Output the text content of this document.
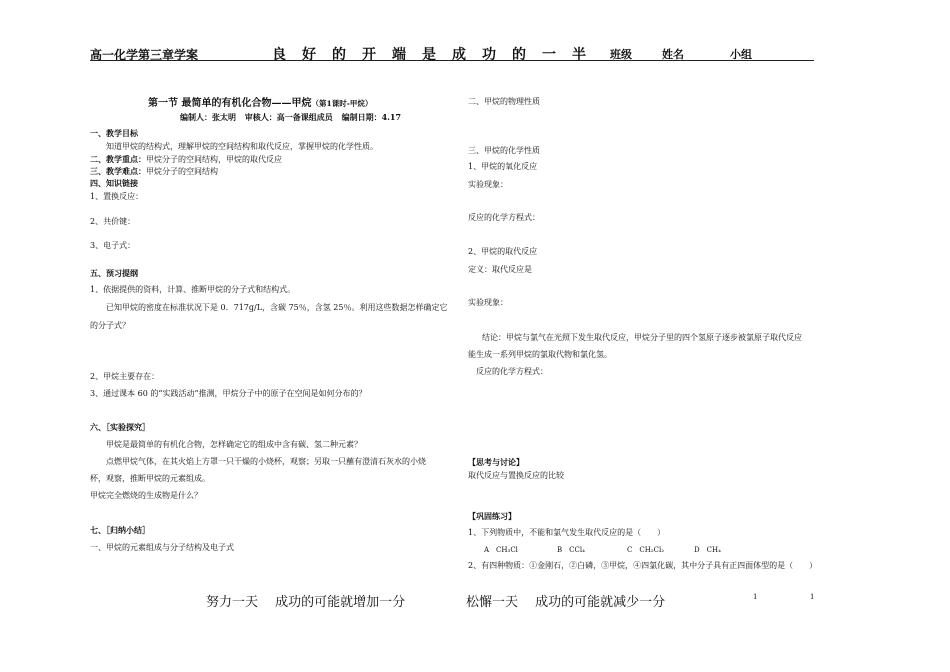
高一化学第三章学案	良好的开端是成功的一半 班级	姓名	小组
第一节 最简单的有机化合物——甲烷（第1课时-甲烷）
编制人：张太明 审核人：高一备课组成员 编制日期：4.17
一、教学目标
知道甲烷的结构式，理解甲烷的空间结构和取代反应，掌握甲烷的化学性质。
二、教学重点：甲烷分子的空间结构，甲烷的取代反应
三、教学难点：甲烷分子的空间结构
四、知识链接
1、置换反应：
2、共价键：
3、电子式：
五、预习提纲
1、依据提供的资料，计算、推断甲烷的分子式和结构式。
已知甲烷的密度在标准状况下是 0．717g/L，含碳 75％，含氢 25％。利用这些数据怎样确定它
的分子式？
2、甲烷主要存在：
3、通过课本 60 的“实践活动”推测，甲烷分子中的原子在空间是如何分布的？
六、［实验探究］
甲烷是最简单的有机化合物，怎样确定它的组成中含有碳、氢二种元素？
点燃甲烷气体，在其火焰上方罩一只干燥的小烧杯，观察；另取一只蘸有澄清石灰水的小烧
杯，观察，推断甲烷的元素组成。
甲烷完全燃烧的生成物是什么？
七、［归纳小结］
一、甲烷的元素组成与分子结构及电子式
二、甲烷的物理性质
三、甲烷的化学性质
1、甲烷的氧化反应
实验现象：
反应的化学方程式：
2、甲烷的取代反应
定义：取代反应是
实验现象：
结论：甲烷与氯气在光照下发生取代反应，甲烷分子里的四个氢原子逐步被氯原子取代反应
能生成一系列甲烷的氯取代物和氯化氢。
反应的化学方程式：
【思考与讨论】
取代反应与置换反应的比较
【巩固练习】
1、下列物质中，不能和氯气发生取代反应的是（　　）
A　CH₃Cl	B　CCl₄	C　CH₂Cl₂	D　CH₄
2、有四种物质：①金刚石，②白磷，③甲烷，④四氯化碳，其中分子具有正四面体型的是（　　）
努力一天　 成功的可能就增加一分	松懈一天　 成功的可能就减少一分	1	1
